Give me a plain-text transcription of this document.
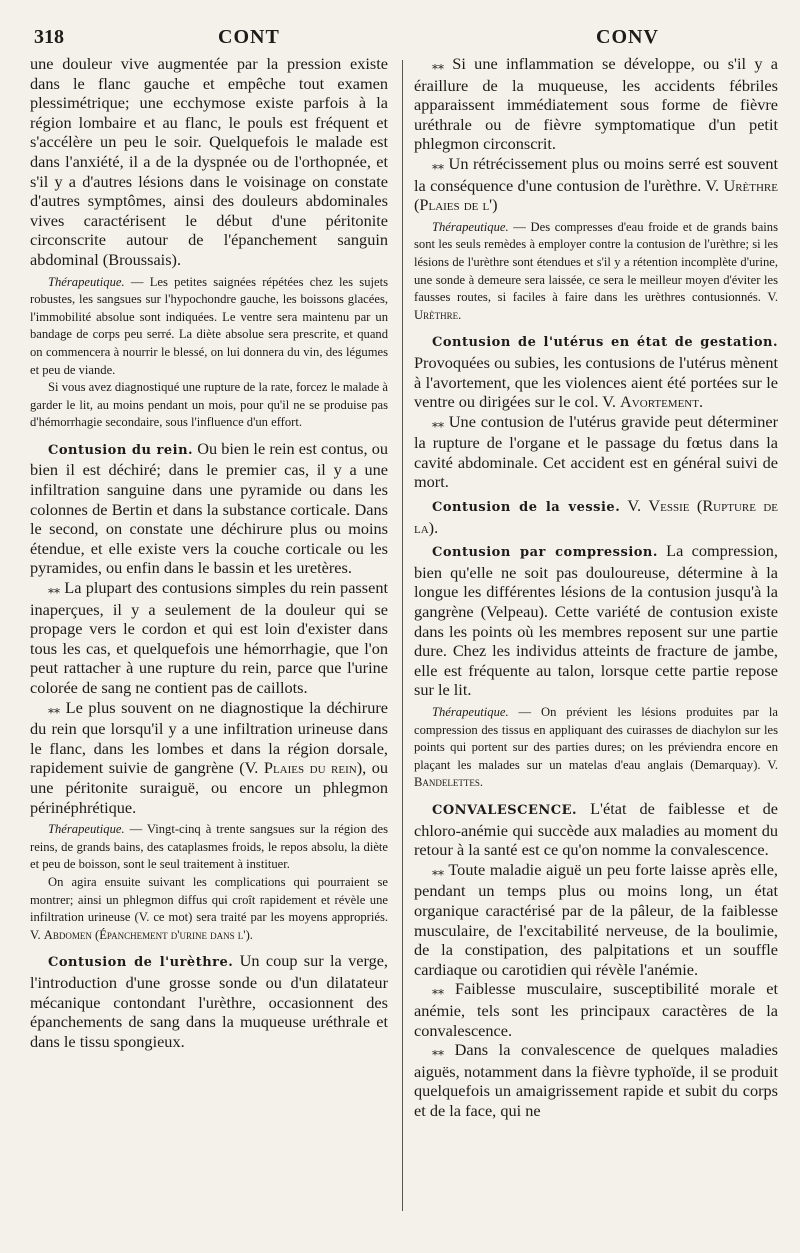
318	CONT	CONV

une douleur vive augmentée par la pression existe dans le flanc gauche et empêche tout examen plessimétrique; une ecchymose existe parfois à la région lombaire et au flanc, le pouls est fréquent et s'accélère un peu le soir. Quelquefois le malade est dans l'anxiété, il a de la dyspnée ou de l'orthopnée, et s'il y a d'autres lésions dans le voisinage on constate d'autres symptômes, ainsi des douleurs abdominales vives caractérisent le début d'une péritonite circonscrite autour de l'épanchement sanguin abdominal (Broussais).

Thérapeutique. — Les petites saignées répétées chez les sujets robustes, les sangsues sur l'hypochondre gauche, les boissons glacées, l'immobilité absolue sont indiquées. Le ventre sera maintenu par un bandage de corps peu serré. La diète absolue sera prescrite, et quand on commencera à nourrir le blessé, on lui donnera du vin, des légumes et peu de viande.

Si vous avez diagnostiqué une rupture de la rate, forcez le malade à garder le lit, au moins pendant un mois, pour qu'il ne se produise pas d'hémorrhagie secondaire, sous l'influence d'un effort.

Contusion du rein. Ou bien le rein est contus, ou bien il est déchiré; dans le premier cas, il y a une infiltration sanguine dans une pyramide ou dans les colonnes de Bertin et dans la substance corticale. Dans le second, on constate une déchirure plus ou moins étendue, et elle existe vers la couche corticale ou les pyramides, ou enfin dans le bassin et les uretères.

⁎⁎ La plupart des contusions simples du rein passent inaperçues, il y a seulement de la douleur qui se propage vers le cordon et qui est loin d'exister dans tous les cas, et quelquefois une hémorrhagie, que l'on peut rattacher à une rupture du rein, parce que l'urine colorée de sang ne contient pas de caillots.

⁎⁎ Le plus souvent on ne diagnostique la déchirure du rein que lorsqu'il y a une infiltration urineuse dans le flanc, dans les lombes et dans la région dorsale, rapidement suivie de gangrène (V. Plaies du rein), ou une péritonite suraiguë, ou encore un phlegmon périnéphrétique.

Thérapeutique. — Vingt-cinq à trente sangsues sur la région des reins, de grands bains, des cataplasmes froids, le repos absolu, la diète et peu de boisson, sont le seul traitement à instituer.

On agira ensuite suivant les complications qui pourraient se montrer; ainsi un phlegmon diffus qui croît rapidement et révèle une infiltration urineuse (V. ce mot) sera traité par les moyens appropriés. V. Abdomen (Épanchement d'urine dans l').

Contusion de l'urèthre. Un coup sur la verge, l'introduction d'une grosse sonde ou d'un dilatateur mécanique contondant l'urèthre, occasionnent des épanchements de sang dans la muqueuse uréthrale et dans le tissu spongieux.

⁎⁎ Si une inflammation se développe, ou s'il y a éraillure de la muqueuse, les accidents fébriles apparaissent immédiatement sous forme de fièvre uréthrale ou de fièvre symptomatique d'un petit phlegmon circonscrit.

⁎⁎ Un rétrécissement plus ou moins serré est souvent la conséquence d'une contusion de l'urèthre. V. Urèthre (Plaies de l')

Thérapeutique. — Des compresses d'eau froide et de grands bains sont les seuls remèdes à employer contre la contusion de l'urèthre; si les lésions de l'urèthre sont étendues et s'il y a rétention incomplète d'urine, une sonde à demeure sera laissée, ce sera le meilleur moyen d'éviter les fausses routes, si faciles à faire dans les urèthres contusionnés. V. Urèthre.

Contusion de l'utérus en état de gestation. Provoquées ou subies, les contusions de l'utérus mènent à l'avortement, que les violences aient été portées sur le ventre ou dirigées sur le col. V. Avortement.

⁎⁎ Une contusion de l'utérus gravide peut déterminer la rupture de l'organe et le passage du fœtus dans la cavité abdominale. Cet accident est en général suivi de mort.

Contusion de la vessie. V. Vessie (Rupture de la).

Contusion par compression. La compression, bien qu'elle ne soit pas douloureuse, détermine à la longue les différentes lésions de la contusion jusqu'à la gangrène (Velpeau). Cette variété de contusion existe dans les points où les membres reposent sur une partie dure. Chez les individus atteints de fracture de jambe, elle est fréquente au talon, lorsque cette partie repose sur le lit.

Thérapeutique. — On prévient les lésions produites par la compression des tissus en appliquant des cuirasses de diachylon sur les points qui portent sur des parties dures; on les préviendra encore en plaçant les malades sur un matelas d'eau anglais (Demarquay). V. Bandelettes.

CONVALESCENCE. L'état de faiblesse et de chloro-anémie qui succède aux maladies au moment du retour à la santé est ce qu'on nomme la convalescence.

⁎⁎ Toute maladie aiguë un peu forte laisse après elle, pendant un temps plus ou moins long, un état organique caractérisé par de la pâleur, de la faiblesse musculaire, de l'excitabilité nerveuse, de la boulimie, de la constipation, des palpitations et un souffle cardiaque ou carotidien qui révèle l'anémie.

⁎⁎ Faiblesse musculaire, susceptibilité morale et anémie, tels sont les principaux caractères de la convalescence.

⁎⁎ Dans la convalescence de quelques maladies aiguës, notamment dans la fièvre typhoïde, il se produit quelquefois un amaigrissement rapide et subit du corps et de la face, qui ne
